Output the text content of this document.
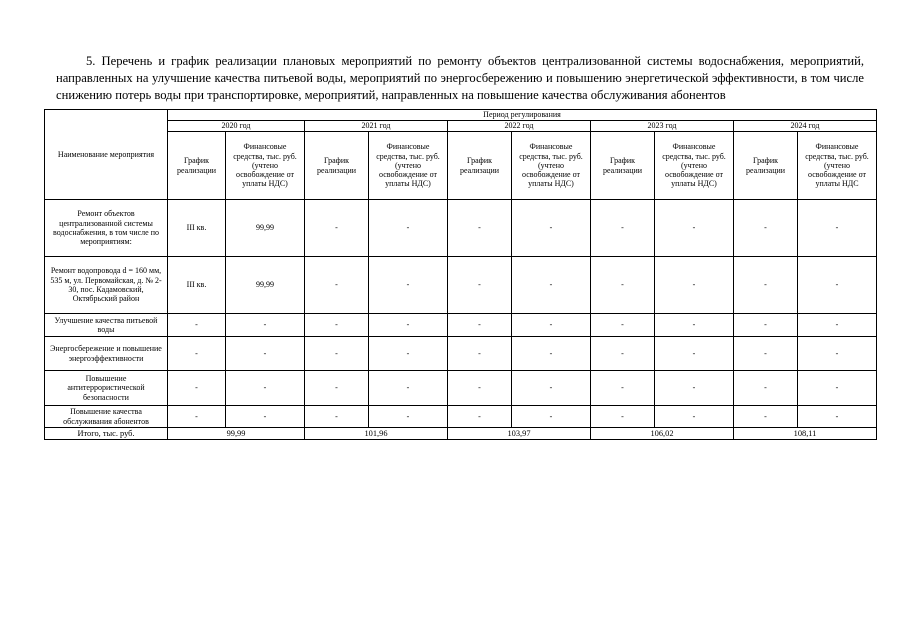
5. Перечень и график реализации плановых мероприятий по ремонту объектов централизованной системы водоснабжения, мероприятий, направленных на улучшение качества питьевой воды, мероприятий по энергосбережению и повышению энергетической эффективности, в том числе снижению потерь воды при транспортировке, мероприятий, направленных на повышение качества обслуживания абонентов

Наименование мероприятия	Период регулирования									
	2020 год		2021 год		2022 год		2023 год		2024 год	
	График реализации	Финансовые средства, тыс. руб. (учтено освобождение от уплаты НДС)	График реализации	Финансовые средства, тыс. руб. (учтено освобождение от уплаты НДС)	График реализации	Финансовые средства, тыс. руб. (учтено освобождение от уплаты НДС)	График реализации	Финансовые средства, тыс. руб. (учтено освобождение от уплаты НДС)	График реализации	Финансовые средства, тыс. руб. (учтено освобождение от уплаты НДС
Ремонт объектов централизованной системы водоснабжения, в том числе по мероприятиям:	III кв.	99,99	-	-	-	-	-	-	-	-
Ремонт водопровода d = 160 мм, 535 м, ул. Первомайская, д. № 2-30, пос. Кадамовский, Октябрьский район	III кв.	99,99	-	-	-	-	-	-	-	-
Улучшение качества питьевой воды	-	-	-	-	-	-	-	-	-	-
Энергосбережение и повышение энергоэффективности	-	-	-	-	-	-	-	-	-	-
Повышение антитеррористической безопасности	-	-	-	-	-	-	-	-	-	-
Повышение качества обслуживания абонентов	-	-	-	-	-	-	-	-	-	-
Итого, тыс. руб.	99,99		101,96		103,97		106,02		108,11	
